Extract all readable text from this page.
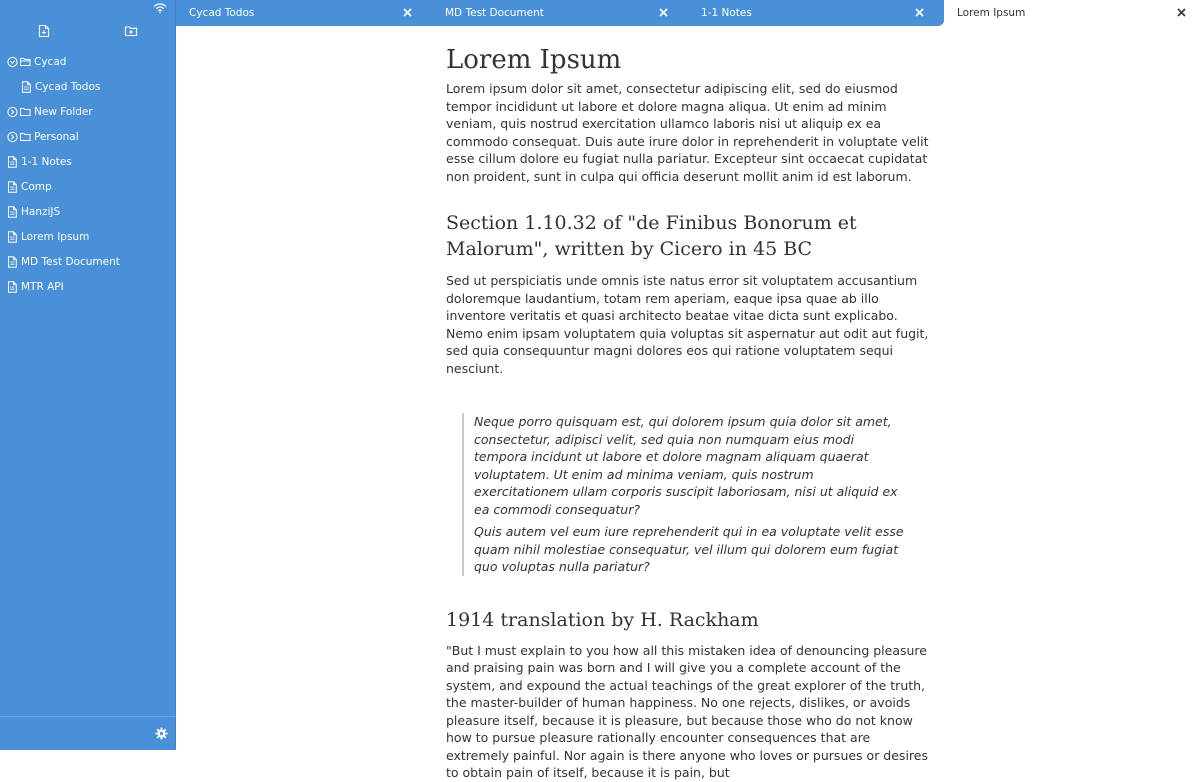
Cycad
Cycad Todos
New Folder
Personal
1-1 Notes
Comp
HanziJS
Lorem Ipsum
MD Test Document
MTR API
Cycad Todos	MD Test Document	1-1 Notes	Lorem Ipsum
Lorem Ipsum

Lorem ipsum dolor sit amet, consectetur adipiscing elit, sed do eiusmod tempor incididunt ut labore et dolore magna aliqua. Ut enim ad minim veniam, quis nostrud exercitation ullamco laboris nisi ut aliquip ex ea commodo consequat. Duis aute irure dolor in reprehenderit in voluptate velit esse cillum dolore eu fugiat nulla pariatur. Excepteur sint occaecat cupidatat non proident, sunt in culpa qui officia deserunt mollit anim id est laborum.

Section 1.10.32 of "de Finibus Bonorum et Malorum", written by Cicero in 45 BC

Sed ut perspiciatis unde omnis iste natus error sit voluptatem accusantium doloremque laudantium, totam rem aperiam, eaque ipsa quae ab illo inventore veritatis et quasi architecto beatae vitae dicta sunt explicabo. Nemo enim ipsam voluptatem quia voluptas sit aspernatur aut odit aut fugit, sed quia consequuntur magni dolores eos qui ratione voluptatem sequi nesciunt.

Neque porro quisquam est, qui dolorem ipsum quia dolor sit amet, consectetur, adipisci velit, sed quia non numquam eius modi tempora incidunt ut labore et dolore magnam aliquam quaerat voluptatem. Ut enim ad minima veniam, quis nostrum exercitationem ullam corporis suscipit laboriosam, nisi ut aliquid ex ea commodi consequatur?

Quis autem vel eum iure reprehenderit qui in ea voluptate velit esse quam nihil molestiae consequatur, vel illum qui dolorem eum fugiat quo voluptas nulla pariatur?

1914 translation by H. Rackham

"But I must explain to you how all this mistaken idea of denouncing pleasure and praising pain was born and I will give you a complete account of the system, and expound the actual teachings of the great explorer of the truth, the master-builder of human happiness. No one rejects, dislikes, or avoids pleasure itself, because it is pleasure, but because those who do not know how to pursue pleasure rationally encounter consequences that are extremely painful. Nor again is there anyone who loves or pursues or desires to obtain pain of itself, because it is pain, but
